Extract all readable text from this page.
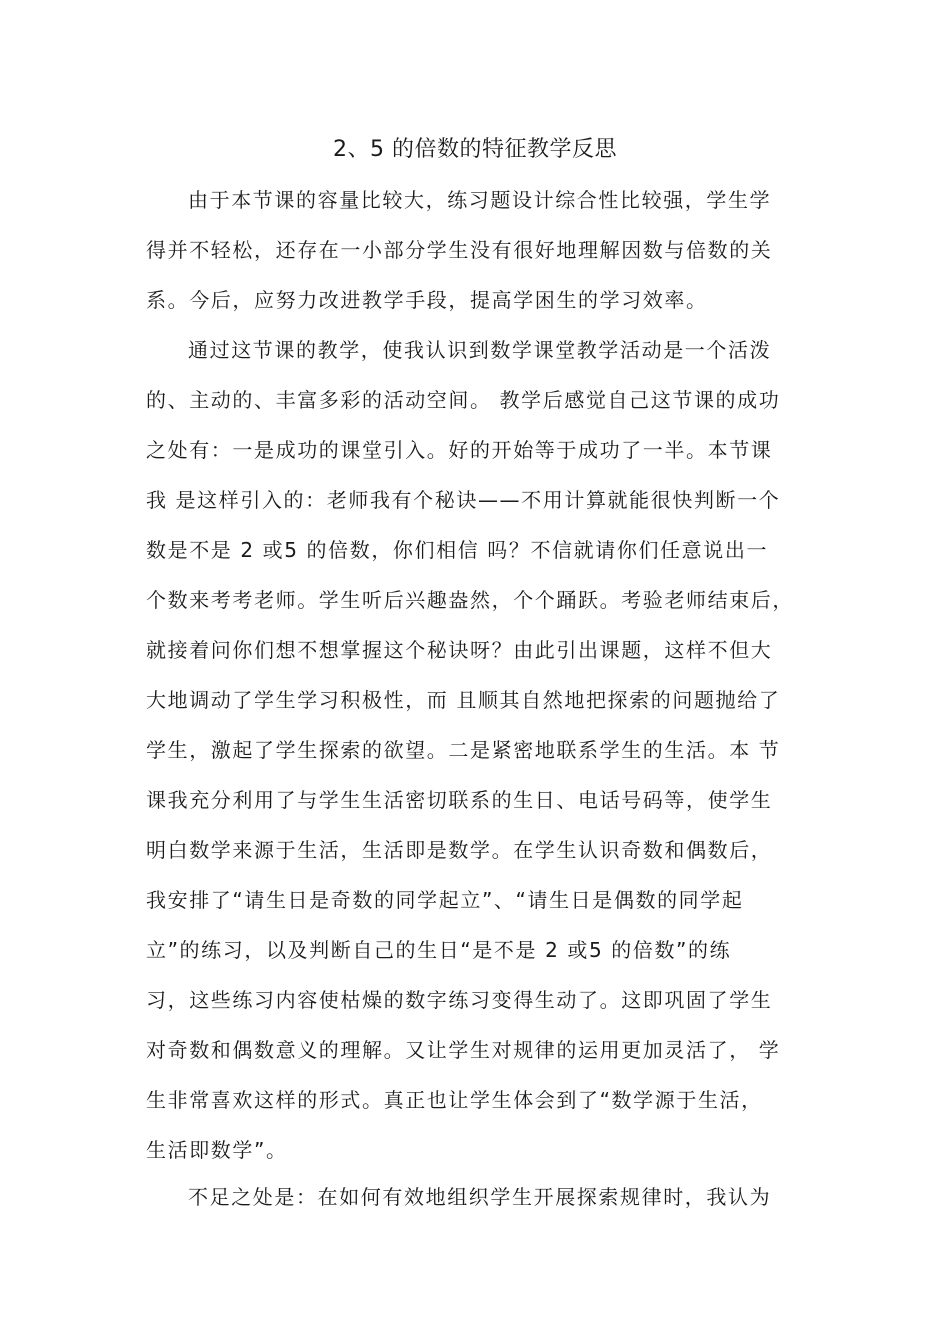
2、5 的倍数的特征教学反思
由于本节课的容量比较大，练习题设计综合性比较强，学生学
得并不轻松，还存在一小部分学生没有很好地理解因数与倍数的关
系。今后，应努力改进教学手段，提高学困生的学习效率。
通过这节课的教学，使我认识到数学课堂教学活动是一个活泼
的、主动的、丰富多彩的活动空间。 教学后感觉自己这节课的成功
之处有：一是成功的课堂引入。好的开始等于成功了一半。本节课
我 是这样引入的：老师我有个秘诀——不用计算就能很快判断一个
数是不是 2 或5 的倍数，你们相信 吗？不信就请你们任意说出一
个数来考考老师。学生听后兴趣盎然，个个踊跃。考验老师结束后，
就接着问你们想不想掌握这个秘诀呀？由此引出课题，这样不但大
大地调动了学生学习积极性，而 且顺其自然地把探索的问题抛给了
学生，激起了学生探索的欲望。二是紧密地联系学生的生活。本 节
课我充分利用了与学生生活密切联系的生日、电话号码等，使学生
明白数学来源于生活，生活即是数学。在学生认识奇数和偶数后，
我安排了“请生日是奇数的同学起立”、“请生日是偶数的同学起
立”的练习，以及判断自己的生日“是不是 2 或5 的倍数”的练
习，这些练习内容使枯燥的数字练习变得生动了。这即巩固了学生
对奇数和偶数意义的理解。又让学生对规律的运用更加灵活了， 学
生非常喜欢这样的形式。真正也让学生体会到了“数学源于生活，
生活即数学”。
不足之处是：在如何有效地组织学生开展探索规律时，我认为
